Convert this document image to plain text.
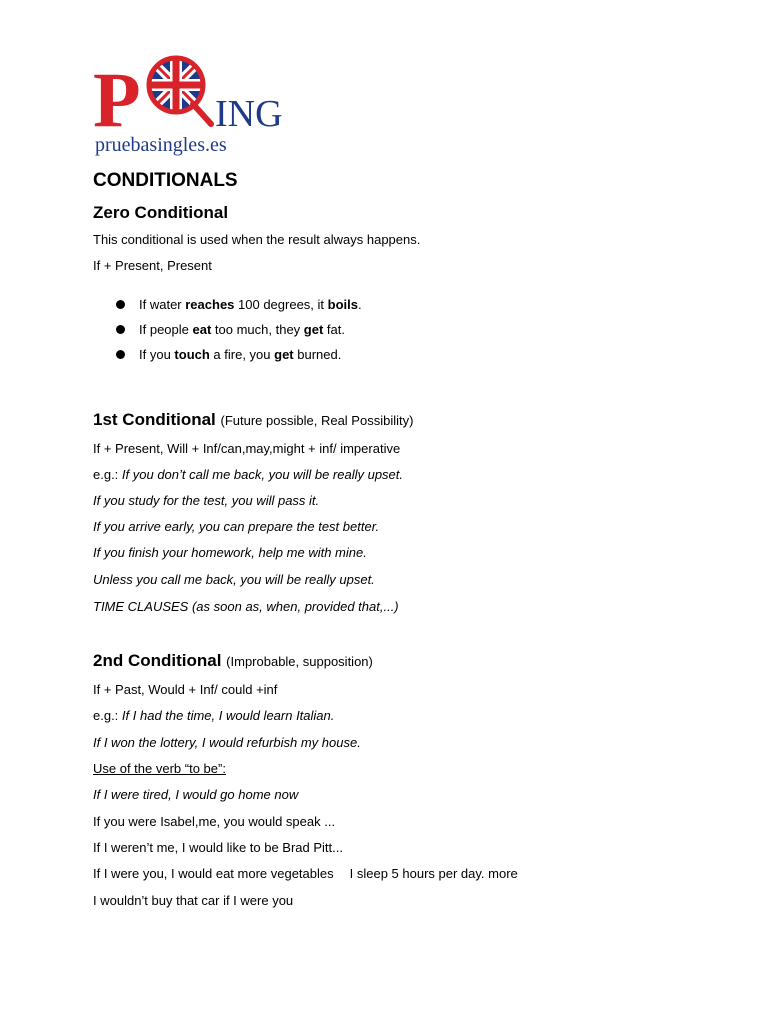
P ING
pruebasingles.es
CONDITIONALS
Zero Conditional
This conditional is used when the result always happens.
If + Present, Present
If water reaches 100 degrees, it boils.
If people eat too much, they get fat.
If you touch a fire, you get burned.
1st Conditional (Future possible, Real Possibility)
If + Present, Will + Inf/can,may,might + inf/ imperative
e.g.: If you don’t call me back, you will be really upset.
If you study for the test, you will pass it.
If you arrive early, you can prepare the test better.
If you finish your homework, help me with mine.
Unless you call me back, you will be really upset.
TIME CLAUSES (as soon as, when, provided that,...)
2nd Conditional (Improbable, supposition)
If + Past, Would + Inf/ could +inf
e.g.: If I had the time, I would learn Italian.
If I won the lottery, I would refurbish my house.
Use of the verb “to be”:
If I were tired, I would go home now
If you were Isabel,me, you would speak ...
If I weren’t me, I would like to be Brad Pitt...
If I were you, I would eat more vegetables I sleep 5 hours per day. more
I wouldn’t buy that car if I were you
